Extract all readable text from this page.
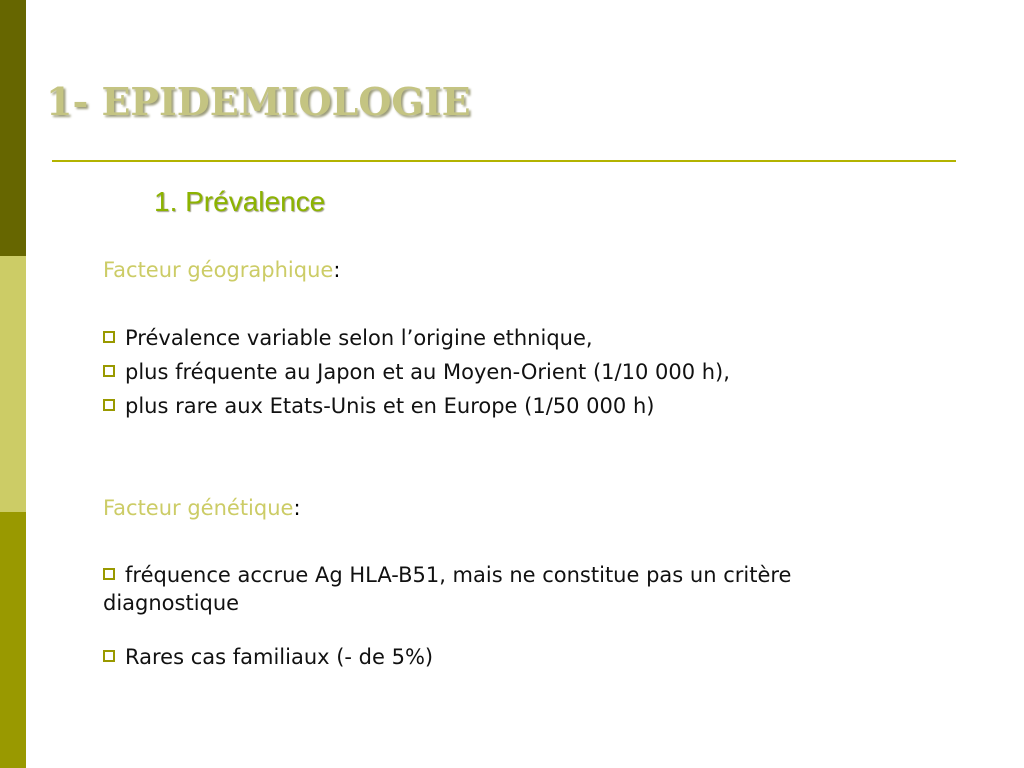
1- EPIDEMIOLOGIE
1. Prévalence
Facteur géographique:
Prévalence variable selon l’origine ethnique,
plus fréquente au Japon et au Moyen-Orient (1/10 000 h),
plus rare aux Etats-Unis et en Europe (1/50 000 h)
Facteur génétique:
fréquence accrue Ag HLA-B51, mais ne constitue pas un critère diagnostique
Rares cas familiaux (- de 5%)
